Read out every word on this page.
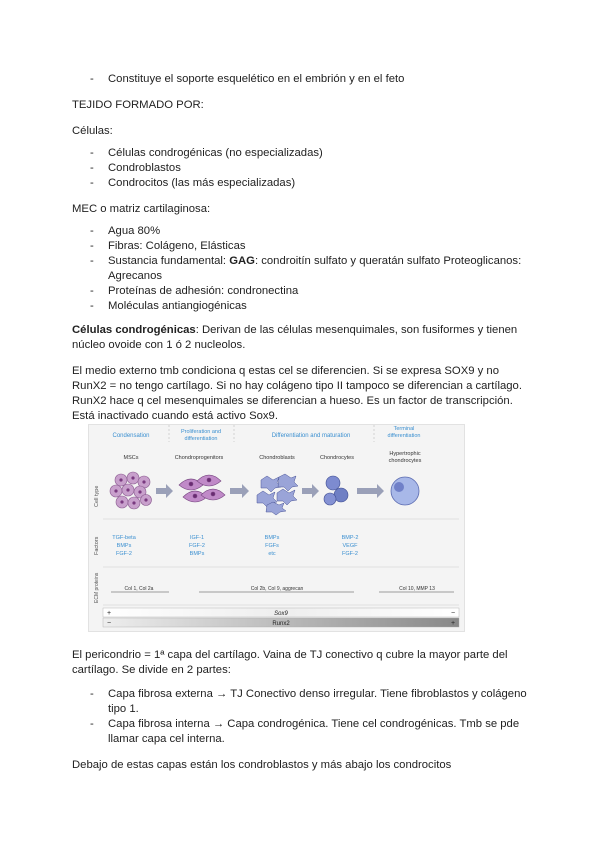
- Constituye el soporte esquelético en el embrión y en el feto
TEJIDO FORMADO POR:
Células:
- Células condrogénicas (no especializadas)
- Condroblastos
- Condrocitos (las más especializadas)
MEC o matriz cartilaginosa:
- Agua 80%
- Fibras: Colágeno, Elásticas
- Sustancia fundamental: GAG: condroitín sulfato y queratán sulfato Proteoglicanos:
Agrecanos
- Proteínas de adhesión: condronectina
- Moléculas antiangiogénicas
Células condrogénicas: Derivan de las células mesenquimales, son fusiformes y tienen
núcleo ovoide con 1 ó 2 nucleolos.
El medio externo tmb condiciona q estas cel se diferencien. Si se expresa SOX9 y no
RunX2 = no tengo cartílago. Si no hay colágeno tipo II tampoco se diferencian a cartílago.
RunX2 hace q cel mesenquimales se diferencian a hueso. Es un factor de transcripción.
Está inactivado cuando está activo Sox9.
Condensation
Proliferation and
differentiation	Differentiation and maturation
Terminal
differentiation
Cell type
Factors
ECM proteins
MSCs	Chondroprogenitors	Chondroblasts	Chondrocytes
Hypertrophic
chondrocytes
TGF-beta
BMPs
FGF-2
IGF-1
FGF-2
BMPs
BMPs
FGFs
etc
BMP-2
VEGF
FGF-2
Col 1, Col 2a	Col 2b, Col 9, aggrecan	Col 10, MMP 13
Sox9
+	−
Runx2
−	+
El pericondrio = 1ª capa del cartílago. Vaina de TJ conectivo q cubre la mayor parte del
cartílago. Se divide en 2 partes:
- Capa fibrosa externa → TJ Conectivo denso irregular. Tiene fibroblastos y colágeno
tipo 1.
- Capa fibrosa interna → Capa condrogénica. Tiene cel condrogénicas. Tmb se pde
llamar capa cel interna.
Debajo de estas capas están los condroblastos y más abajo los condrocitos
